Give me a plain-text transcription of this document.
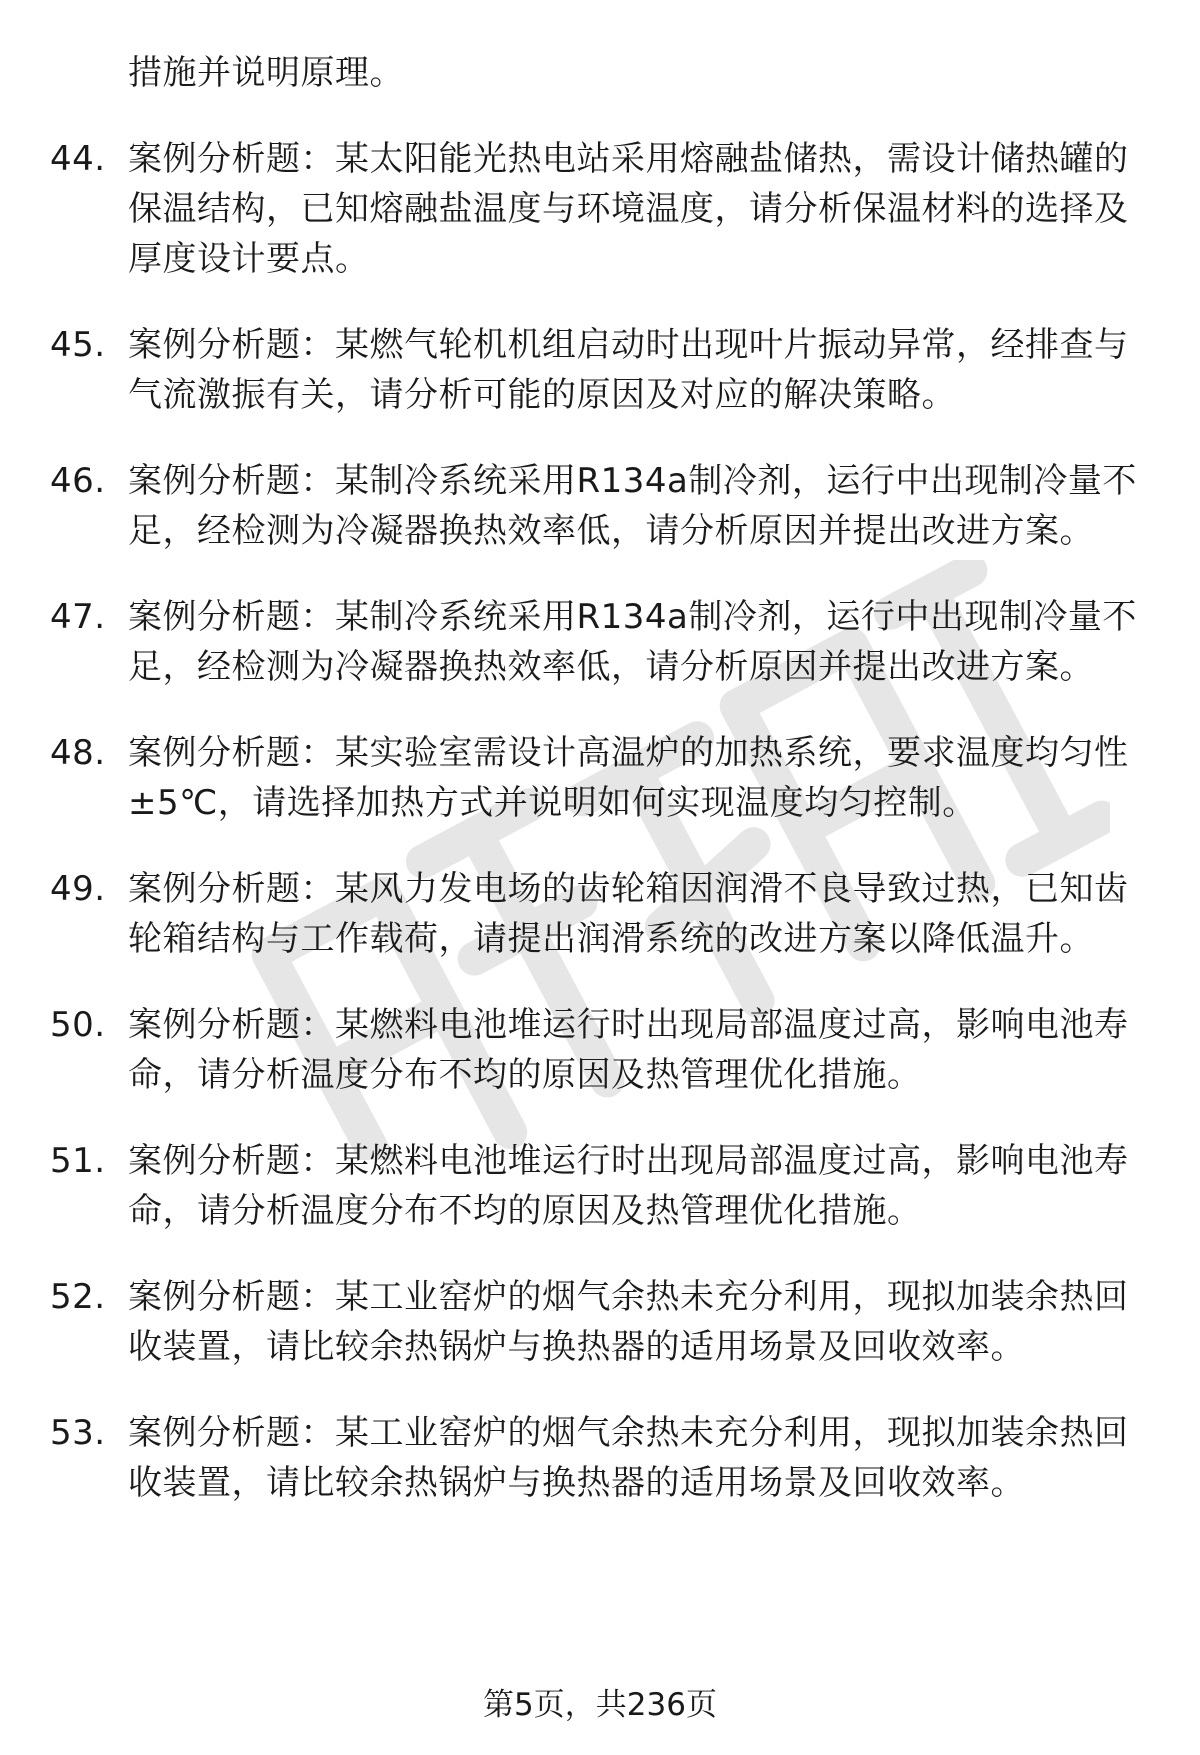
措施并说明原理。
44. 案例分析题：某太阳能光热电站采用熔融盐储热，需设计储热罐的保温结构，已知熔融盐温度与环境温度，请分析保温材料的选择及厚度设计要点。
45. 案例分析题：某燃气轮机机组启动时出现叶片振动异常，经排查与气流激振有关，请分析可能的原因及对应的解决策略。
46. 案例分析题：某制冷系统采用R134a制冷剂，运行中出现制冷量不足，经检测为冷凝器换热效率低，请分析原因并提出改进方案。
47. 案例分析题：某制冷系统采用R134a制冷剂，运行中出现制冷量不足，经检测为冷凝器换热效率低，请分析原因并提出改进方案。
48. 案例分析题：某实验室需设计高温炉的加热系统，要求温度均匀性±5℃，请选择加热方式并说明如何实现温度均匀控制。
49. 案例分析题：某风力发电场的齿轮箱因润滑不良导致过热，已知齿轮箱结构与工作载荷，请提出润滑系统的改进方案以降低温升。
50. 案例分析题：某燃料电池堆运行时出现局部温度过高，影响电池寿命，请分析温度分布不均的原因及热管理优化措施。
51. 案例分析题：某燃料电池堆运行时出现局部温度过高，影响电池寿命，请分析温度分布不均的原因及热管理优化措施。
52. 案例分析题：某工业窑炉的烟气余热未充分利用，现拟加装余热回收装置，请比较余热锅炉与换热器的适用场景及回收效率。
53. 案例分析题：某工业窑炉的烟气余热未充分利用，现拟加装余热回收装置，请比较余热锅炉与换热器的适用场景及回收效率。
第5页，共236页
